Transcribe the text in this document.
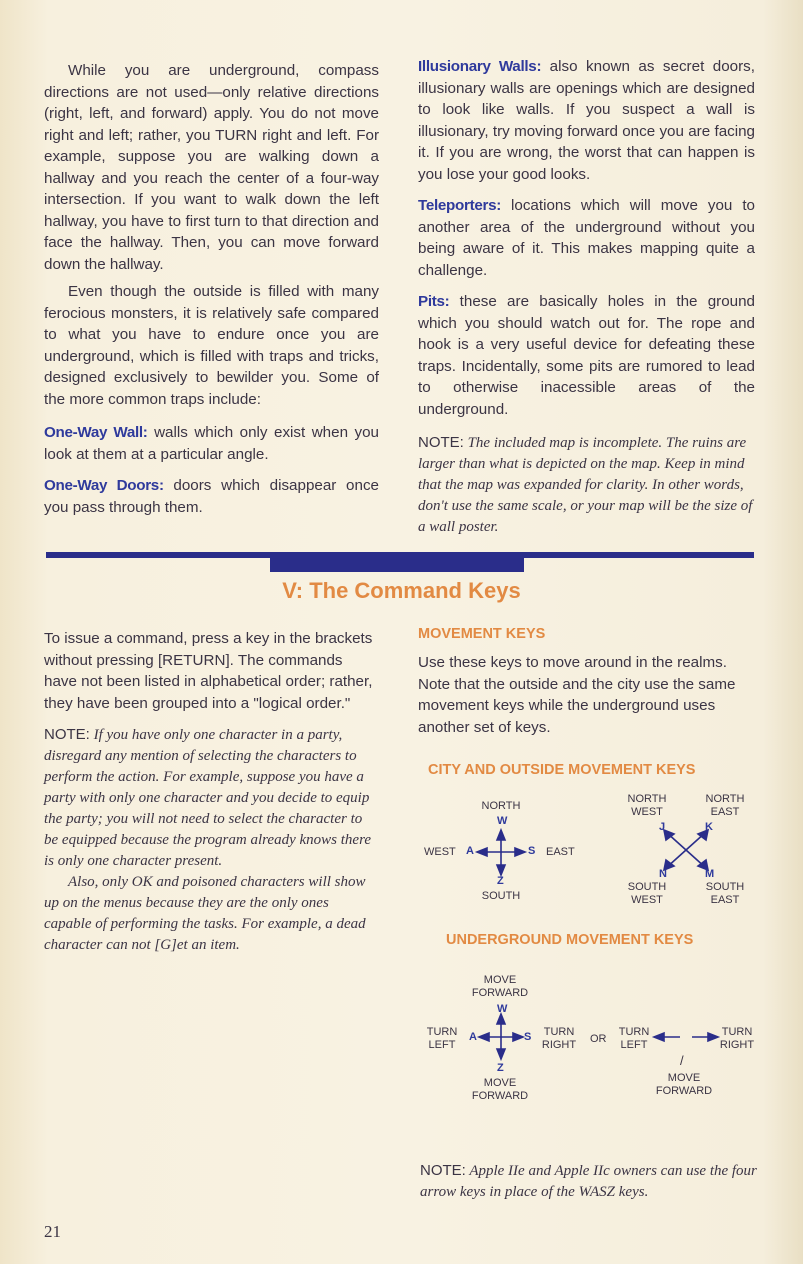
While you are underground, compass directions are not used—only relative directions (right, left, and forward) apply. You do not move right and left; rather, you TURN right and left. For example, suppose you are walking down a hallway and you reach the center of a four-way intersection. If you want to walk down the left hallway, you have to first turn to that direction and face the hallway. Then, you can move forward down the hallway.

Even though the outside is filled with many ferocious monsters, it is relatively safe compared to what you have to endure once you are underground, which is filled with traps and tricks, designed exclusively to bewilder you. Some of the more common traps include:

One-Way Wall: walls which only exist when you look at them at a particular angle.

One-Way Doors: doors which disappear once you pass through them.

Illusionary Walls: also known as secret doors, illusionary walls are openings which are designed to look like walls. If you suspect a wall is illusionary, try moving forward once you are facing it. If you are wrong, the worst that can happen is you lose your good looks.

Teleporters: locations which will move you to another area of the underground without you being aware of it. This makes mapping quite a challenge.

Pits: these are basically holes in the ground which you should watch out for. The rope and hook is a very useful device for defeating these traps. Incidentally, some pits are rumored to lead to otherwise inacessible areas of the underground.

NOTE: The included map is incomplete. The ruins are larger than what is depicted on the map. Keep in mind that the map was expanded for clarity. In other words, don't use the same scale, or your map will be the size of a wall poster.

V: The Command Keys

To issue a command, press a key in the brackets without pressing [RETURN]. The commands have not been listed in alphabetical order; rather, they have been grouped into a "logical order."

NOTE: If you have only one character in a party, disregard any mention of selecting the characters to perform the action. For example, suppose you have a party with only one character and you decide to equip the party; you will not need to select the character to be equipped because the program already knows there is only one character present.

Also, only OK and poisoned characters will show up on the menus because they are the only ones capable of performing the tasks. For example, a dead character can not [G]et an item.

MOVEMENT KEYS

Use these keys to move around in the realms. Note that the outside and the city use the same movement keys while the underground uses another set of keys.

CITY AND OUTSIDE MOVEMENT KEYS
NORTH
W
WEST A	S EAST
Z
SOUTH
NORTH WEST
NORTH EAST
J	K
N	M
SOUTH WEST
SOUTH EAST
UNDERGROUND MOVEMENT KEYS
MOVE FORWARD
W
TURN LEFT
A	S	TURN RIGHT
Z
MOVE FORWARD
OR
TURN LEFT
TURN RIGHT
/
MOVE FORWARD
NOTE: Apple IIe and Apple IIc owners can use the four arrow keys in place of the WASZ keys.
21
